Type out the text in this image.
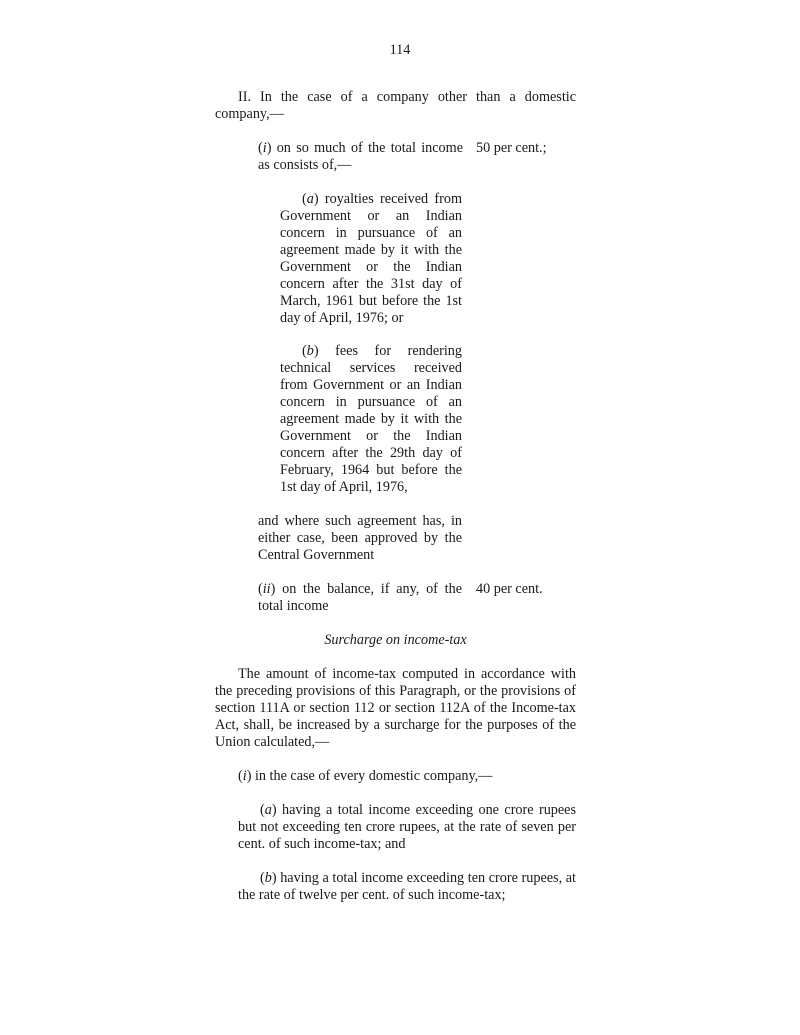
114
II. In the case of a company other than a domestic company,—
(i) on so much of the total income as consists of,—
50 per cent.;
(a) royalties received from Government or an Indian concern in pursuance of an agreement made by it with the Government or the Indian concern after the 31st day of March, 1961 but before the 1st day of April, 1976; or
(b) fees for rendering technical services received from Government or an Indian concern in pursuance of an agreement made by it with the Government or the Indian concern after the 29th day of February, 1964 but before the 1st day of April, 1976,
and where such agreement has, in either case, been approved by the Central Government
(ii) on the balance, if any, of the total income
40 per cent.
Surcharge on income-tax
The amount of income-tax computed in accordance with the preceding provisions of this Paragraph, or the provisions of section 111A or section 112 or section 112A of the Income-tax Act, shall, be increased by a surcharge for the purposes of the Union calculated,—
(i) in the case of every domestic company,—
(a) having a total income exceeding one crore rupees but not exceeding ten crore rupees, at the rate of seven per cent. of such income-tax; and
(b) having a total income exceeding ten crore rupees, at the rate of twelve per cent. of such income-tax;
